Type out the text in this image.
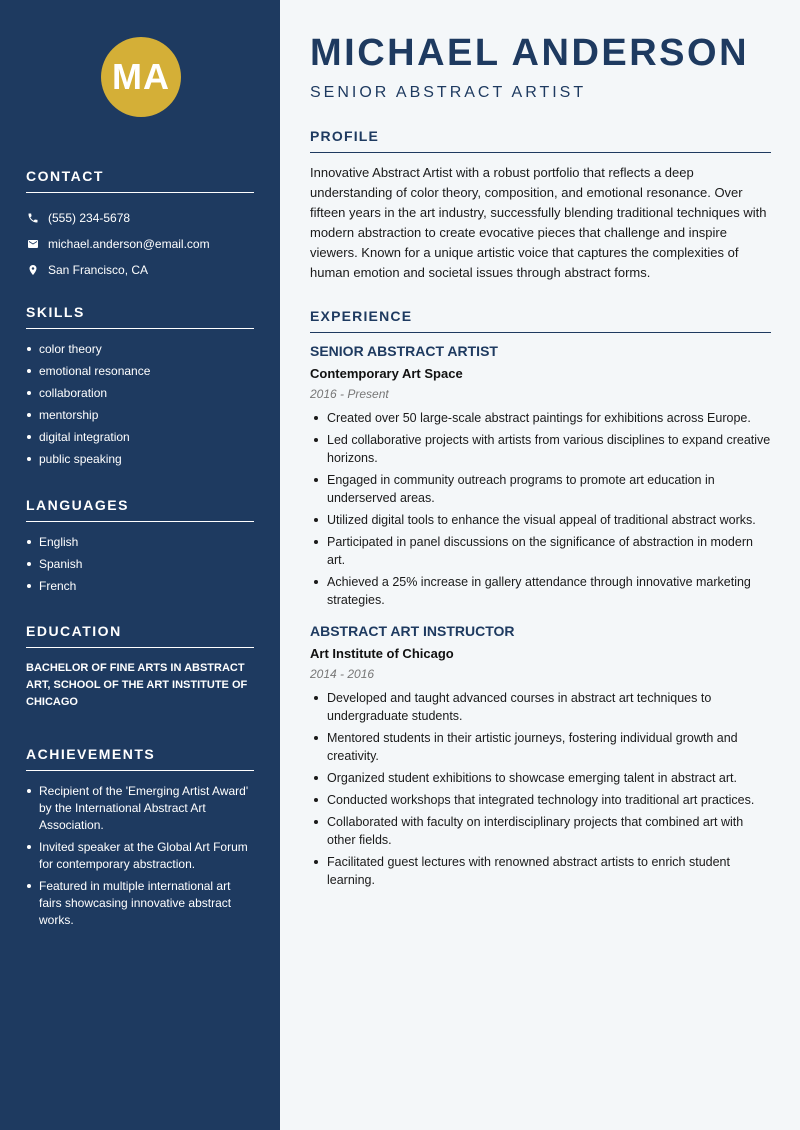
MA
CONTACT
(555) 234-5678
michael.anderson@email.com
San Francisco, CA
SKILLS
color theory
emotional resonance
collaboration
mentorship
digital integration
public speaking
LANGUAGES
English
Spanish
French
EDUCATION

BACHELOR OF FINE ARTS IN ABSTRACT ART, SCHOOL OF THE ART INSTITUTE OF CHICAGO

ACHIEVEMENTS
Recipient of the 'Emerging Artist Award' by the International Abstract Art Association.
Invited speaker at the Global Art Forum for contemporary abstraction.
Featured in multiple international art fairs showcasing innovative abstract works.
MICHAEL ANDERSON
SENIOR ABSTRACT ARTIST
PROFILE

Innovative Abstract Artist with a robust portfolio that reflects a deep understanding of color theory, composition, and emotional resonance. Over fifteen years in the art industry, successfully blending traditional techniques with modern abstraction to create evocative pieces that challenge and inspire viewers. Known for a unique artistic voice that captures the complexities of human emotion and societal issues through abstract forms.

EXPERIENCE
SENIOR ABSTRACT ARTIST
Contemporary Art Space
2016 - Present
Created over 50 large-scale abstract paintings for exhibitions across Europe.
Led collaborative projects with artists from various disciplines to expand creative horizons.
Engaged in community outreach programs to promote art education in underserved areas.
Utilized digital tools to enhance the visual appeal of traditional abstract works.
Participated in panel discussions on the significance of abstraction in modern art.
Achieved a 25% increase in gallery attendance through innovative marketing strategies.
ABSTRACT ART INSTRUCTOR
Art Institute of Chicago
2014 - 2016
Developed and taught advanced courses in abstract art techniques to undergraduate students.
Mentored students in their artistic journeys, fostering individual growth and creativity.
Organized student exhibitions to showcase emerging talent in abstract art.
Conducted workshops that integrated technology into traditional art practices.
Collaborated with faculty on interdisciplinary projects that combined art with other fields.
Facilitated guest lectures with renowned abstract artists to enrich student learning.
